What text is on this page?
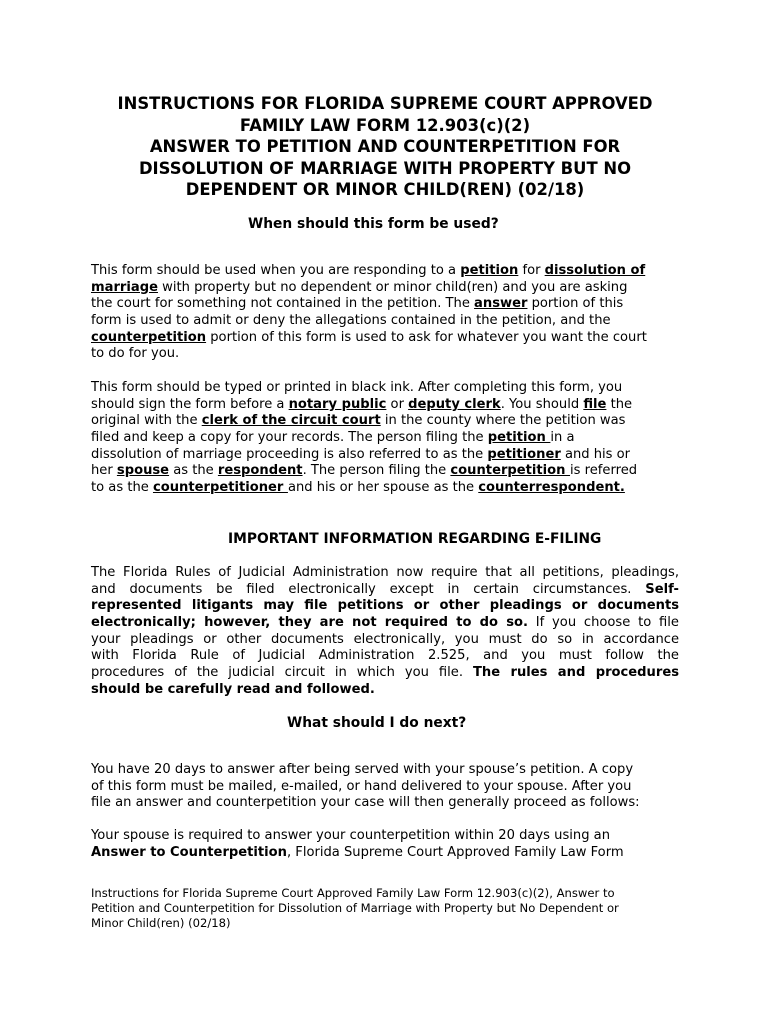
INSTRUCTIONS FOR FLORIDA SUPREME COURT APPROVED
FAMILY LAW FORM 12.903(c)(2)
ANSWER TO PETITION AND COUNTERPETITION FOR
DISSOLUTION OF MARRIAGE WITH PROPERTY BUT NO
DEPENDENT OR MINOR CHILD(REN) (02/18)
When should this form be used?
This form should be used when you are responding to a petition for dissolution of
marriage with property but no dependent or minor child(ren) and you are asking
the court for something not contained in the petition. The answer portion of this
form is used to admit or deny the allegations contained in the petition, and the
counterpetition portion of this form is used to ask for whatever you want the court
to do for you.
This form should be typed or printed in black ink. After completing this form, you
should sign the form before a notary public or deputy clerk. You should file the
original with the clerk of the circuit court in the county where the petition was
filed and keep a copy for your records. The person filing the petition in a
dissolution of marriage proceeding is also referred to as the petitioner and his or
her spouse as the respondent. The person filing the counterpetition is referred
to as the counterpetitioner and his or her spouse as the counterrespondent.
IMPORTANT INFORMATION REGARDING E-FILING
The Florida Rules of Judicial Administration now require that all petitions, pleadings,
and documents be filed electronically except in certain circumstances. Self-
represented litigants may file petitions or other pleadings or documents
electronically; however, they are not required to do so. If you choose to file
your pleadings or other documents electronically, you must do so in accordance
with Florida Rule of Judicial Administration 2.525, and you must follow the
procedures of the judicial circuit in which you file. The rules and procedures
should be carefully read and followed.
What should I do next?
You have 20 days to answer after being served with your spouse’s petition. A copy
of this form must be mailed, e-mailed, or hand delivered to your spouse. After you
file an answer and counterpetition your case will then generally proceed as follows:
Your spouse is required to answer your counterpetition within 20 days using an
Answer to Counterpetition, Florida Supreme Court Approved Family Law Form
Instructions for Florida Supreme Court Approved Family Law Form 12.903(c)(2), Answer to
Petition and Counterpetition for Dissolution of Marriage with Property but No Dependent or
Minor Child(ren) (02/18)
